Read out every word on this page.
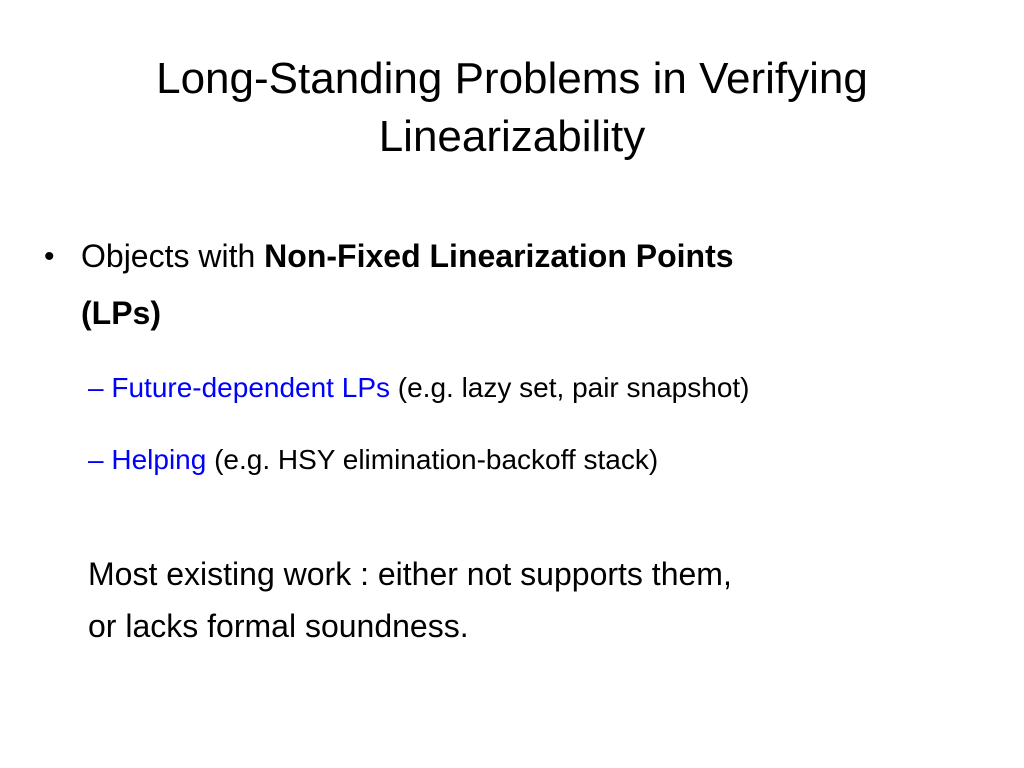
Long-Standing Problems in Verifying
Linearizability
• Objects with Non-Fixed Linearization Points
(LPs)
– Future-dependent LPs (e.g. lazy set, pair snapshot)
– Helping (e.g. HSY elimination-backoff stack)
Most existing work : either not supports them,
or lacks formal soundness.
